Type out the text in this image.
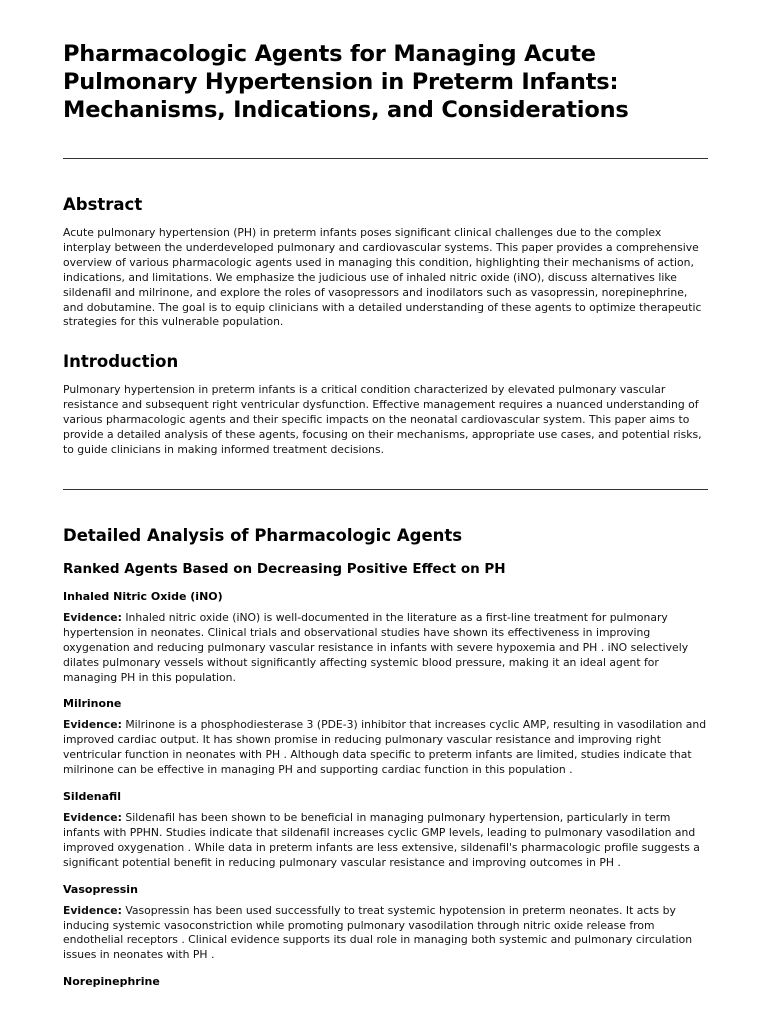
Pharmacologic Agents for Managing Acute Pulmonary Hypertension in Preterm Infants: Mechanisms, Indications, and Considerations
Abstract

Acute pulmonary hypertension (PH) in preterm infants poses significant clinical challenges due to the complex interplay between the underdeveloped pulmonary and cardiovascular systems. This paper provides a comprehensive overview of various pharmacologic agents used in managing this condition, highlighting their mechanisms of action, indications, and limitations. We emphasize the judicious use of inhaled nitric oxide (iNO), discuss alternatives like sildenafil and milrinone, and explore the roles of vasopressors and inodilators such as vasopressin, norepinephrine, and dobutamine. The goal is to equip clinicians with a detailed understanding of these agents to optimize therapeutic strategies for this vulnerable population.

Introduction

Pulmonary hypertension in preterm infants is a critical condition characterized by elevated pulmonary vascular resistance and subsequent right ventricular dysfunction. Effective management requires a nuanced understanding of various pharmacologic agents and their specific impacts on the neonatal cardiovascular system. This paper aims to provide a detailed analysis of these agents, focusing on their mechanisms, appropriate use cases, and potential risks, to guide clinicians in making informed treatment decisions.

Detailed Analysis of Pharmacologic Agents
Ranked Agents Based on Decreasing Positive Effect on PH
Inhaled Nitric Oxide (iNO)

Evidence: Inhaled nitric oxide (iNO) is well-documented in the literature as a first-line treatment for pulmonary hypertension in neonates. Clinical trials and observational studies have shown its effectiveness in improving oxygenation and reducing pulmonary vascular resistance in infants with severe hypoxemia and PH . iNO selectively dilates pulmonary vessels without significantly affecting systemic blood pressure, making it an ideal agent for managing PH in this population.

Milrinone

Evidence: Milrinone is a phosphodiesterase 3 (PDE-3) inhibitor that increases cyclic AMP, resulting in vasodilation and improved cardiac output. It has shown promise in reducing pulmonary vascular resistance and improving right ventricular function in neonates with PH . Although data specific to preterm infants are limited, studies indicate that milrinone can be effective in managing PH and supporting cardiac function in this population .

Sildenafil

Evidence: Sildenafil has been shown to be beneficial in managing pulmonary hypertension, particularly in term infants with PPHN. Studies indicate that sildenafil increases cyclic GMP levels, leading to pulmonary vasodilation and improved oxygenation . While data in preterm infants are less extensive, sildenafil's pharmacologic profile suggests a significant potential benefit in reducing pulmonary vascular resistance and improving outcomes in PH .

Vasopressin

Evidence: Vasopressin has been used successfully to treat systemic hypotension in preterm neonates. It acts by inducing systemic vasoconstriction while promoting pulmonary vasodilation through nitric oxide release from endothelial receptors . Clinical evidence supports its dual role in managing both systemic and pulmonary circulation issues in neonates with PH .

Norepinephrine
